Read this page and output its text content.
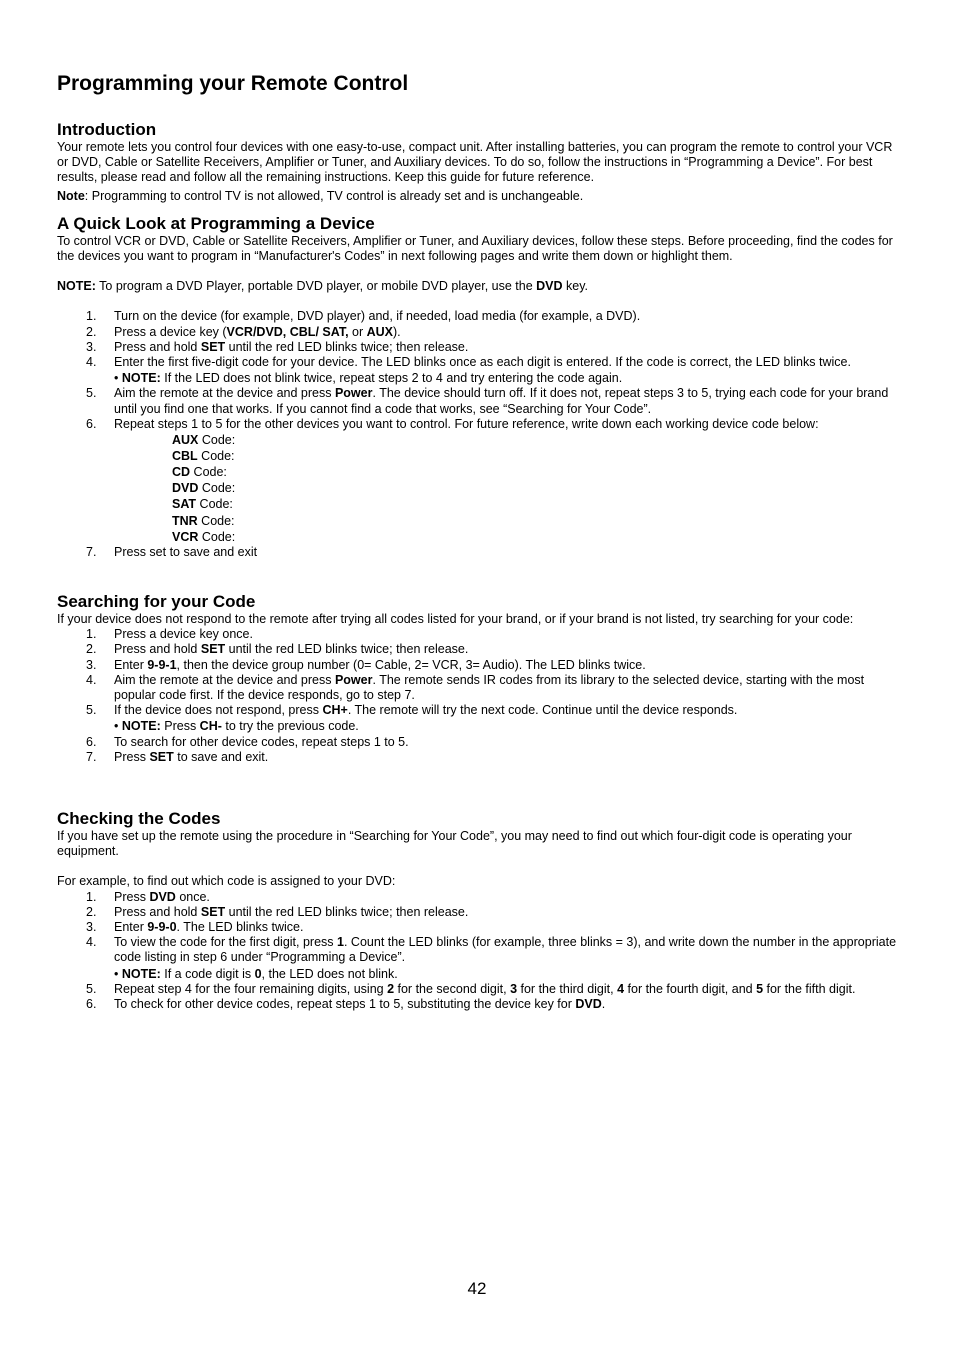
Programming your Remote Control
Introduction

Your remote lets you control four devices with one easy-to-use, compact unit. After installing batteries, you can program the remote to control your VCR or DVD, Cable or Satellite Receivers, Amplifier or Tuner, and Auxiliary devices. To do so, follow the instructions in “Programming a Device”. For best results, please read and follow all the remaining instructions. Keep this guide for future reference.

Note: Programming to control TV is not allowed, TV control is already set and is unchangeable.

A Quick Look at Programming a Device

To control VCR or DVD, Cable or Satellite Receivers, Amplifier or Tuner, and Auxiliary devices, follow these steps. Before proceeding, find the codes for the devices you want to program in “Manufacturer's Codes” in next following pages and write them down or highlight them.

NOTE: To program a DVD Player, portable DVD player, or mobile DVD player, use the DVD key.

1.	Turn on the device (for example, DVD player) and, if needed, load media (for example, a DVD).
2.	Press a device key (VCR/DVD, CBL/ SAT, or AUX).
3.	Press and hold SET until the red LED blinks twice; then release.
4.	Enter the first five-digit code for your device. The LED blinks once as each digit is entered. If the code is correct, the LED blinks twice.
• NOTE: If the LED does not blink twice, repeat steps 2 to 4 and try entering the code again.
5.	Aim the remote at the device and press Power. The device should turn off. If it does not, repeat steps 3 to 5, trying each code for your brand until you find one that works. If you cannot find a code that works, see “Searching for Your Code”.
6.	Repeat steps 1 to 5 for the other devices you want to control. For future reference, write down each working device code below:
AUX Code:
CBL Code:
CD Code:
DVD Code:
SAT Code:
TNR Code:
VCR Code:
7.	Press set to save and exit
Searching for your Code

If your device does not respond to the remote after trying all codes listed for your brand, or if your brand is not listed, try searching for your code:

1.	Press a device key once.
2.	Press and hold SET until the red LED blinks twice; then release.
3.	Enter 9-9-1, then the device group number (0= Cable, 2= VCR, 3= Audio). The LED blinks twice.
4.	Aim the remote at the device and press Power. The remote sends IR codes from its library to the selected device, starting with the most popular code first. If the device responds, go to step 7.
5.	If the device does not respond, press CH+. The remote will try the next code. Continue until the device responds.
• NOTE: Press CH- to try the previous code.
6.	To search for other device codes, repeat steps 1 to 5.
7.	Press SET to save and exit.
Checking the Codes

If you have set up the remote using the procedure in “Searching for Your Code”, you may need to find out which four-digit code is operating your equipment.

For example, to find out which code is assigned to your DVD:

1.	Press DVD once.
2.	Press and hold SET until the red LED blinks twice; then release.
3.	Enter 9-9-0. The LED blinks twice.
4.	To view the code for the first digit, press 1. Count the LED blinks (for example, three blinks = 3), and write down the number in the appropriate code listing in step 6 under “Programming a Device”.
• NOTE: If a code digit is 0, the LED does not blink.
5.	Repeat step 4 for the four remaining digits, using 2 for the second digit, 3 for the third digit, 4 for the fourth digit, and 5 for the fifth digit.
6.	To check for other device codes, repeat steps 1 to 5, substituting the device key for DVD.
42
